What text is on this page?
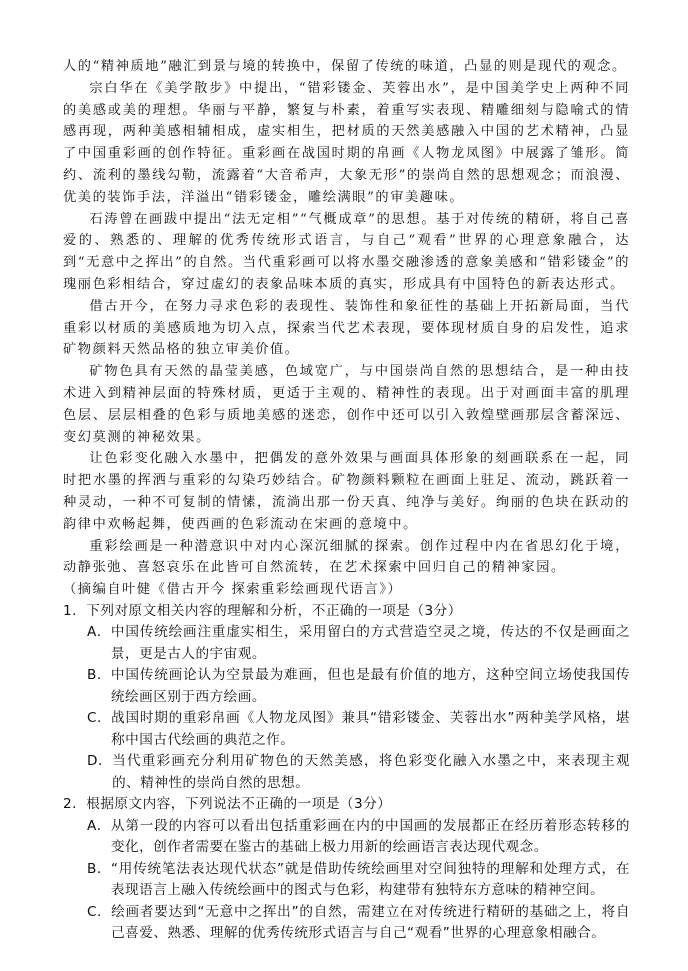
人的“精神质地”融汇到景与境的转换中，保留了传统的味道，凸显的则是现代的观念。

宗白华在《美学散步》中提出，“错彩镂金、芙蓉出水”，是中国美学史上两种不同的美感或美的理想。华丽与平静，繁复与朴素，着重写实表现、精雕细刻与隐喻式的情感再现，两种美感相辅相成，虚实相生，把材质的天然美感融入中国的艺术精神，凸显了中国重彩画的创作特征。重彩画在战国时期的帛画《人物龙凤图》中展露了雏形。简约、流利的墨线勾勒，流露着“大音希声，大象无形”的崇尚自然的思想观念；而浪漫、优美的装饰手法，洋溢出“错彩镂金，雕绘满眼”的审美趣味。

石涛曾在画跋中提出“法无定相”“气概成章”的思想。基于对传统的精研，将自己喜爱的、熟悉的、理解的优秀传统形式语言，与自己“观看”世界的心理意象融合，达到“无意中之挥出”的自然。当代重彩画可以将水墨交融渗透的意象美感和“错彩镂金”的瑰丽色彩相结合，穿过虚幻的表象品味本质的真实，形成具有中国特色的新表达形式。

借古开今，在努力寻求色彩的表现性、装饰性和象征性的基础上开拓新局面，当代重彩以材质的美感质地为切入点，探索当代艺术表现，要体现材质自身的启发性，追求矿物颜料天然品格的独立审美价值。

矿物色具有天然的晶莹美感，色域宽广，与中国崇尚自然的思想结合，是一种由技术进入到精神层面的特殊材质，更适于主观的、精神性的表现。出于对画面丰富的肌理色层、层层相叠的色彩与质地美感的迷恋，创作中还可以引入敦煌壁画那层含蓄深远、变幻莫测的神秘效果。

让色彩变化融入水墨中，把偶发的意外效果与画面具体形象的刻画联系在一起，同时把水墨的挥洒与重彩的勾染巧妙结合。矿物颜料颗粒在画面上驻足、流动，跳跃着一种灵动，一种不可复制的情愫，流淌出那一份天真、纯净与美好。绚丽的色块在跃动的韵律中欢畅起舞，使西画的色彩流动在宋画的意境中。

重彩绘画是一种潜意识中对内心深沉细腻的探索。创作过程中内在省思幻化于境，动静张弛、喜怒哀乐在此皆可自然流转，在艺术探索中回归自己的精神家园。

（摘编自叶健《借古开今 探索重彩绘画现代语言》）

1．下列对原文相关内容的理解和分析，不正确的一项是（3分）

A． 中国传统绘画注重虚实相生，采用留白的方式营造空灵之境，传达的不仅是画面之景，更是古人的宇宙观。
B． 中国传统画论认为空景最为难画，但也是最有价值的地方，这种空间立场使我国传统绘画区别于西方绘画。
C． 战国时期的重彩帛画《人物龙凤图》兼具“错彩镂金、芙蓉出水”两种美学风格，堪称中国古代绘画的典范之作。
D． 当代重彩画充分利用矿物色的天然美感，将色彩变化融入水墨之中，来表现主观的、精神性的崇尚自然的思想。

2．根据原文内容，下列说法不正确的一项是（3分）

A． 从第一段的内容可以看出包括重彩画在内的中国画的发展都正在经历着形态转移的变化，创作者需要在鉴古的基础上极力用新的绘画语言表达现代观念。
B． “用传统笔法表达现代状态”就是借助传统绘画里对空间独特的理解和处理方式，在表现语言上融入传统绘画中的图式与色彩，构建带有独特东方意味的精神空间。
C． 绘画者要达到“无意中之挥出”的自然，需建立在对传统进行精研的基础之上，将自己喜爱、熟悉、理解的优秀传统形式语言与自己“观看”世界的心理意象相融合。
